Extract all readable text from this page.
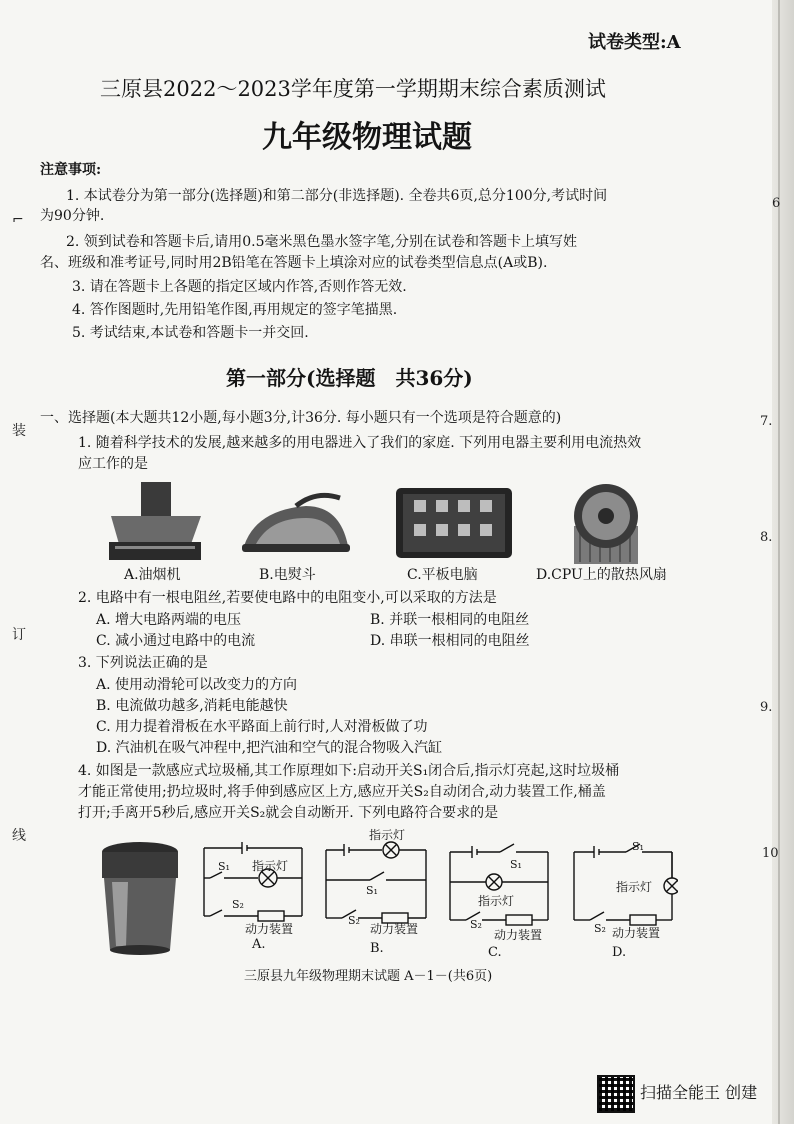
6
7.
8.
9.
10
⌐
装
订
线
试卷类型:A
三原县2022～2023学年度第一学期期末综合素质测试
九年级物理试题
注意事项:
1. 本试卷分为第一部分(选择题)和第二部分(非选择题). 全卷共6页,总分100分,考试时间
为90分钟.
2. 领到试卷和答题卡后,请用0.5毫米黑色墨水签字笔,分别在试卷和答题卡上填写姓
名、班级和准考证号,同时用2B铅笔在答题卡上填涂对应的试卷类型信息点(A或B).
3. 请在答题卡上各题的指定区域内作答,否则作答无效.
4. 答作图题时,先用铅笔作图,再用规定的签字笔描黑.
5. 考试结束,本试卷和答题卡一并交回.
第一部分(选择题　共36分)
一、选择题(本大题共12小题,每小题3分,计36分. 每小题只有一个选项是符合题意的)
1. 随着科学技术的发展,越来越多的用电器进入了我们的家庭. 下列用电器主要利用电流热效
应工作的是
A.油烟机	B.电熨斗	C.平板电脑	D.CPU上的散热风扇
2. 电路中有一根电阻丝,若要使电路中的电阻变小,可以采取的方法是
A. 增大电路两端的电压	B. 并联一根相同的电阻丝
C. 减小通过电路中的电流	D. 串联一根相同的电阻丝
3. 下列说法正确的是
A. 使用动滑轮可以改变力的方向
B. 电流做功越多,消耗电能越快
C. 用力提着滑板在水平路面上前行时,人对滑板做了功
D. 汽油机在吸气冲程中,把汽油和空气的混合物吸入汽缸
4. 如图是一款感应式垃圾桶,其工作原理如下:启动开关S₁闭合后,指示灯亮起,这时垃圾桶
才能正常使用;扔垃圾时,将手伸到感应区上方,感应开关S₂自动闭合,动力装置工作,桶盖
打开;手离开5秒后,感应开关S₂就会自动断开. 下列电路符合要求的是
S₁ 指示灯
S₂
动力装置
A.
指示灯
S₁
S₂
动力装置
B.
S₁
指示灯
S₂
动力装置
C.
S₁
指示灯
S₂ 动力装置
D.
三原县九年级物理期末试题 A－1－(共6页)
扫描全能王 创建
